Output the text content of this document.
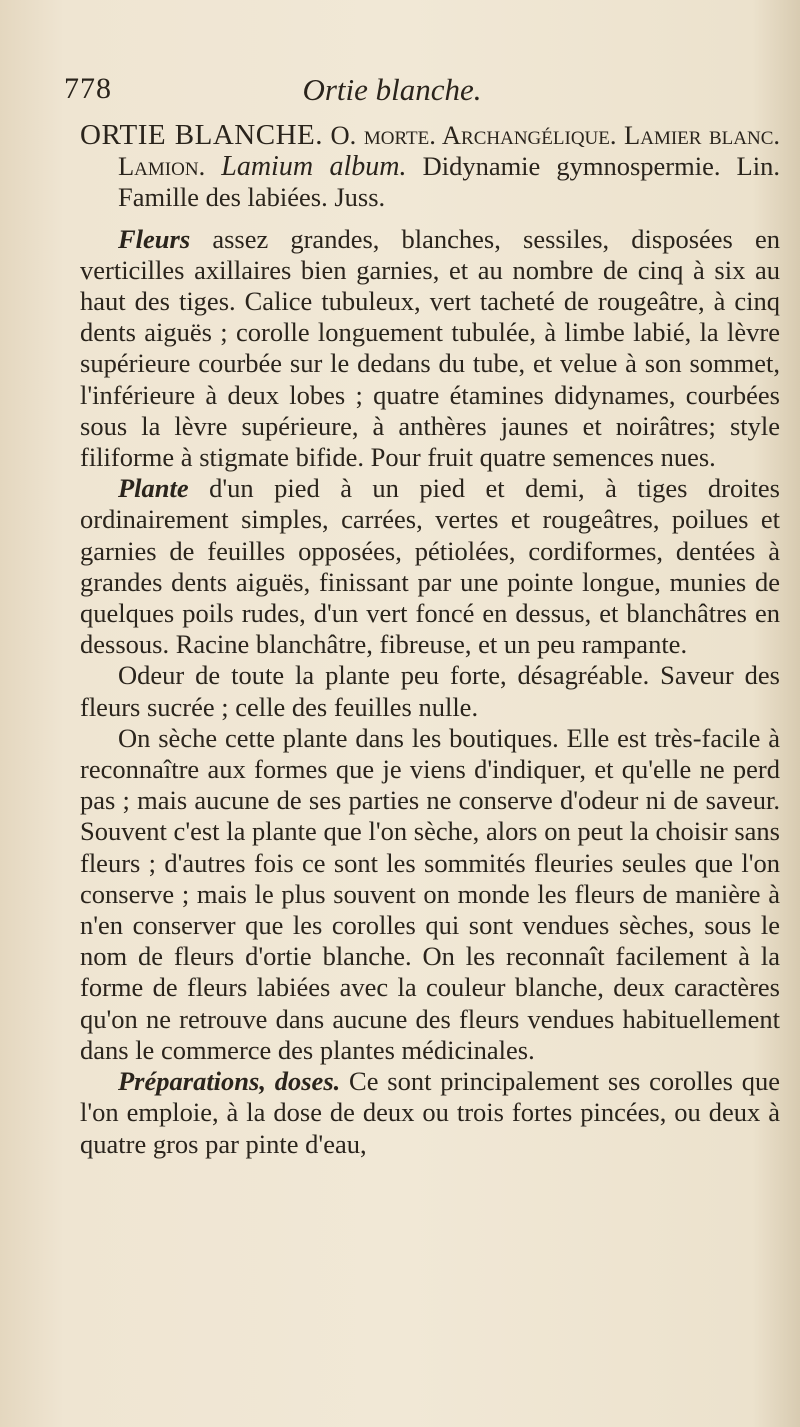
778	Ortie blanche.

ORTIE BLANCHE. O. morte. Archangélique. Lamier blanc. Lamion. Lamium album. Didynamie gymnospermie. Lin. Famille des labiées. Juss.

Fleurs assez grandes, blanches, sessiles, disposées en verticilles axillaires bien garnies, et au nombre de cinq à six au haut des tiges. Calice tubuleux, vert tacheté de rougeâtre, à cinq dents aiguës ; corolle longuement tubulée, à limbe labié, la lèvre supérieure courbée sur le dedans du tube, et velue à son sommet, l'inférieure à deux lobes ; quatre étamines didynames, courbées sous la lèvre supérieure, à anthères jaunes et noirâtres; style filiforme à stigmate bifide. Pour fruit quatre semences nues.

Plante d'un pied à un pied et demi, à tiges droites ordinairement simples, carrées, vertes et rougeâtres, poilues et garnies de feuilles opposées, pétiolées, cordiformes, dentées à grandes dents aiguës, finissant par une pointe longue, munies de quelques poils rudes, d'un vert foncé en dessus, et blanchâtres en dessous. Racine blanchâtre, fibreuse, et un peu rampante.

Odeur de toute la plante peu forte, désagréable. Saveur des fleurs sucrée ; celle des feuilles nulle.

On sèche cette plante dans les boutiques. Elle est très-facile à reconnaître aux formes que je viens d'indiquer, et qu'elle ne perd pas ; mais aucune de ses parties ne conserve d'odeur ni de saveur. Souvent c'est la plante que l'on sèche, alors on peut la choisir sans fleurs ; d'autres fois ce sont les sommités fleuries seules que l'on conserve ; mais le plus souvent on monde les fleurs de manière à n'en conserver que les corolles qui sont vendues sèches, sous le nom de fleurs d'ortie blanche. On les reconnaît facilement à la forme de fleurs labiées avec la couleur blanche, deux caractères qu'on ne retrouve dans aucune des fleurs vendues habituellement dans le commerce des plantes médicinales.

Préparations, doses. Ce sont principalement ses corolles que l'on emploie, à la dose de deux ou trois fortes pincées, ou deux à quatre gros par pinte d'eau,
